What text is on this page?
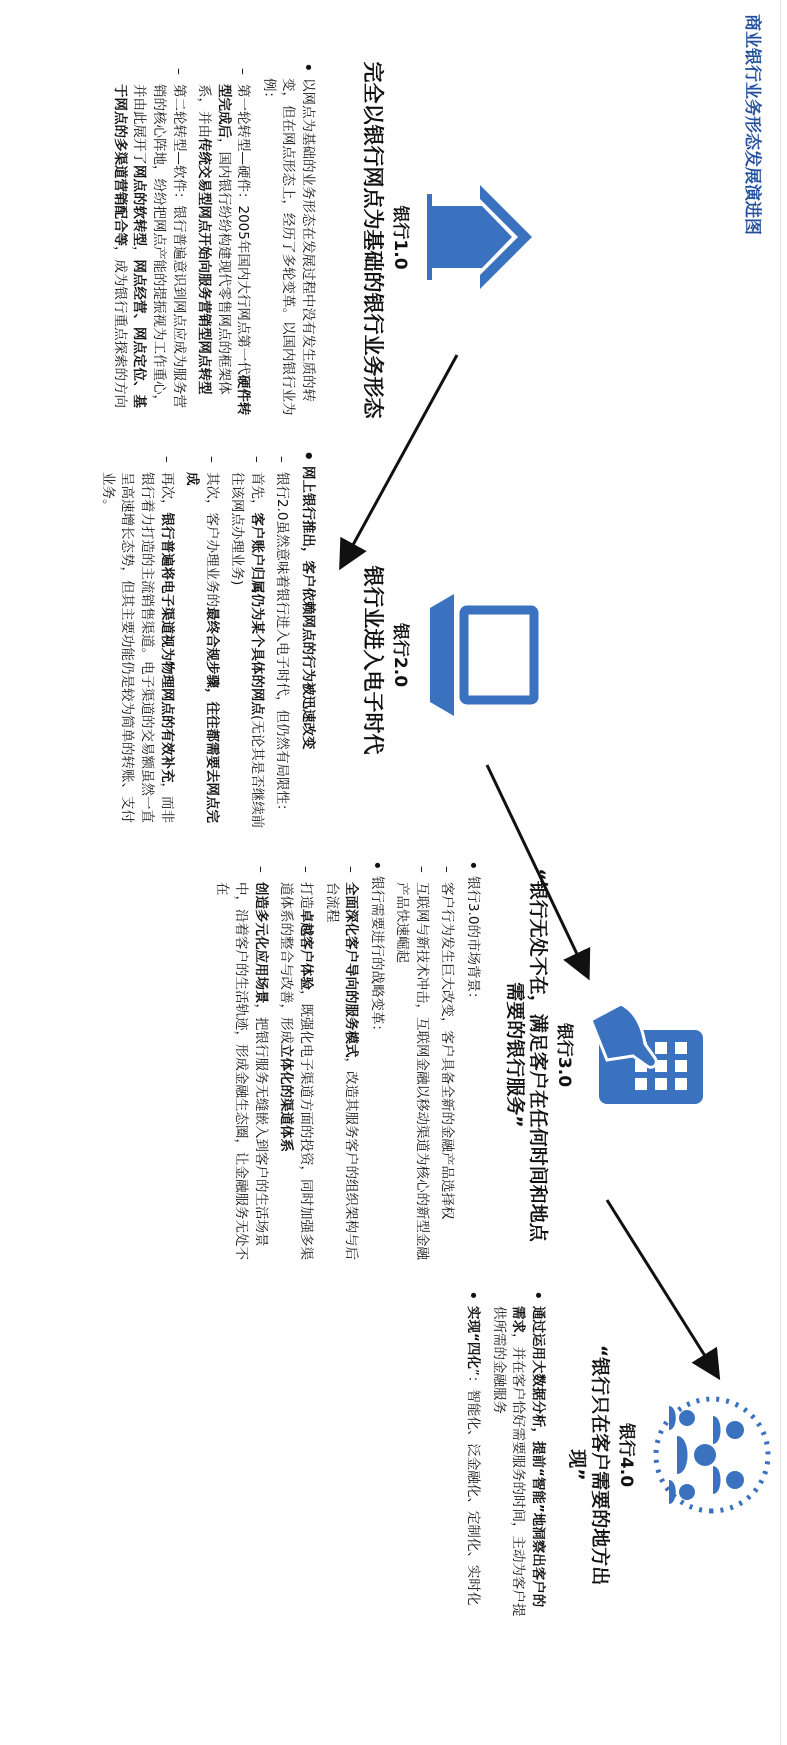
商业银行业务形态发展演进图
银行1.0
完全以银行网点为基础的银行业务形态
• 以网点为基础的业务形态在发展过程中没有发生质的转变，但在网点形态上，经历了多轮变革。以国内银行业为例：
– 第一轮转型—硬件：2005年国内大行网点第一代硬件转型完成后，国内银行纷纷构建现代零售网点的框架体系，并由传统交易型网点开始向服务营销型网点转型
– 第二轮转型—软件：银行普遍意识到网点应成为服务营销的核心阵地，纷纷把网点产能的提振视为工作重心，并由此展开了网点的软转型，网点经营、网点定位、基于网点的多渠道营销配合等，成为银行重点探索的方向
银行2.0
银行业进入电子时代
• 网上银行推出，客户依赖网点的行为被迅速改变
– 银行2.0虽然意味着银行进入电子时代，但仍然有局限性：
– 首先，客户账户归属仍为某个具体的网点(无论其是否继续前往该网点办理业务)
– 其次，客户办理业务的最终合规步骤，往往都需要去网点完成
– 再次，银行普遍将电子渠道视为物理网点的有效补充，而非银行着力打造的主流销售渠道。电子渠道的交易额虽然一直呈高速增长态势，但其主要功能仍是较为简单的转账、支付业务。
银行3.0
“银行无处不在，满足客户在任何时间和地点需要的银行服务”
• 银行3.0的市场背景：
– 客户行为发生巨大改变，客户具备全新的金融产品选择权
– 互联网与新技术冲击，互联网金融以移动渠道为核心的新型金融产品快速崛起
• 银行需要进行的战略变革：
– 全面深化客户导向的服务模式，改造其服务客户的组织架构与后台流程
– 打造卓越客户体验，既强化电子渠道方面的投资，同时加强多渠道体系的整合与改善，形成立体化的渠道体系
– 创造多元化应用场景，把银行服务无缝嵌入到客户的生活场景中，沿着客户的生活轨迹，形成金融生态圈，让金融服务无处不在
银行4.0
“银行只在客户需要的地方出现”
• 通过运用大数据分析，提前“智能”地洞察出客户的需求，并在客户恰好需要服务的时间，主动为客户提供所需的金融服务
• 实现“四化”：智能化、泛金融化、定制化、实时化
